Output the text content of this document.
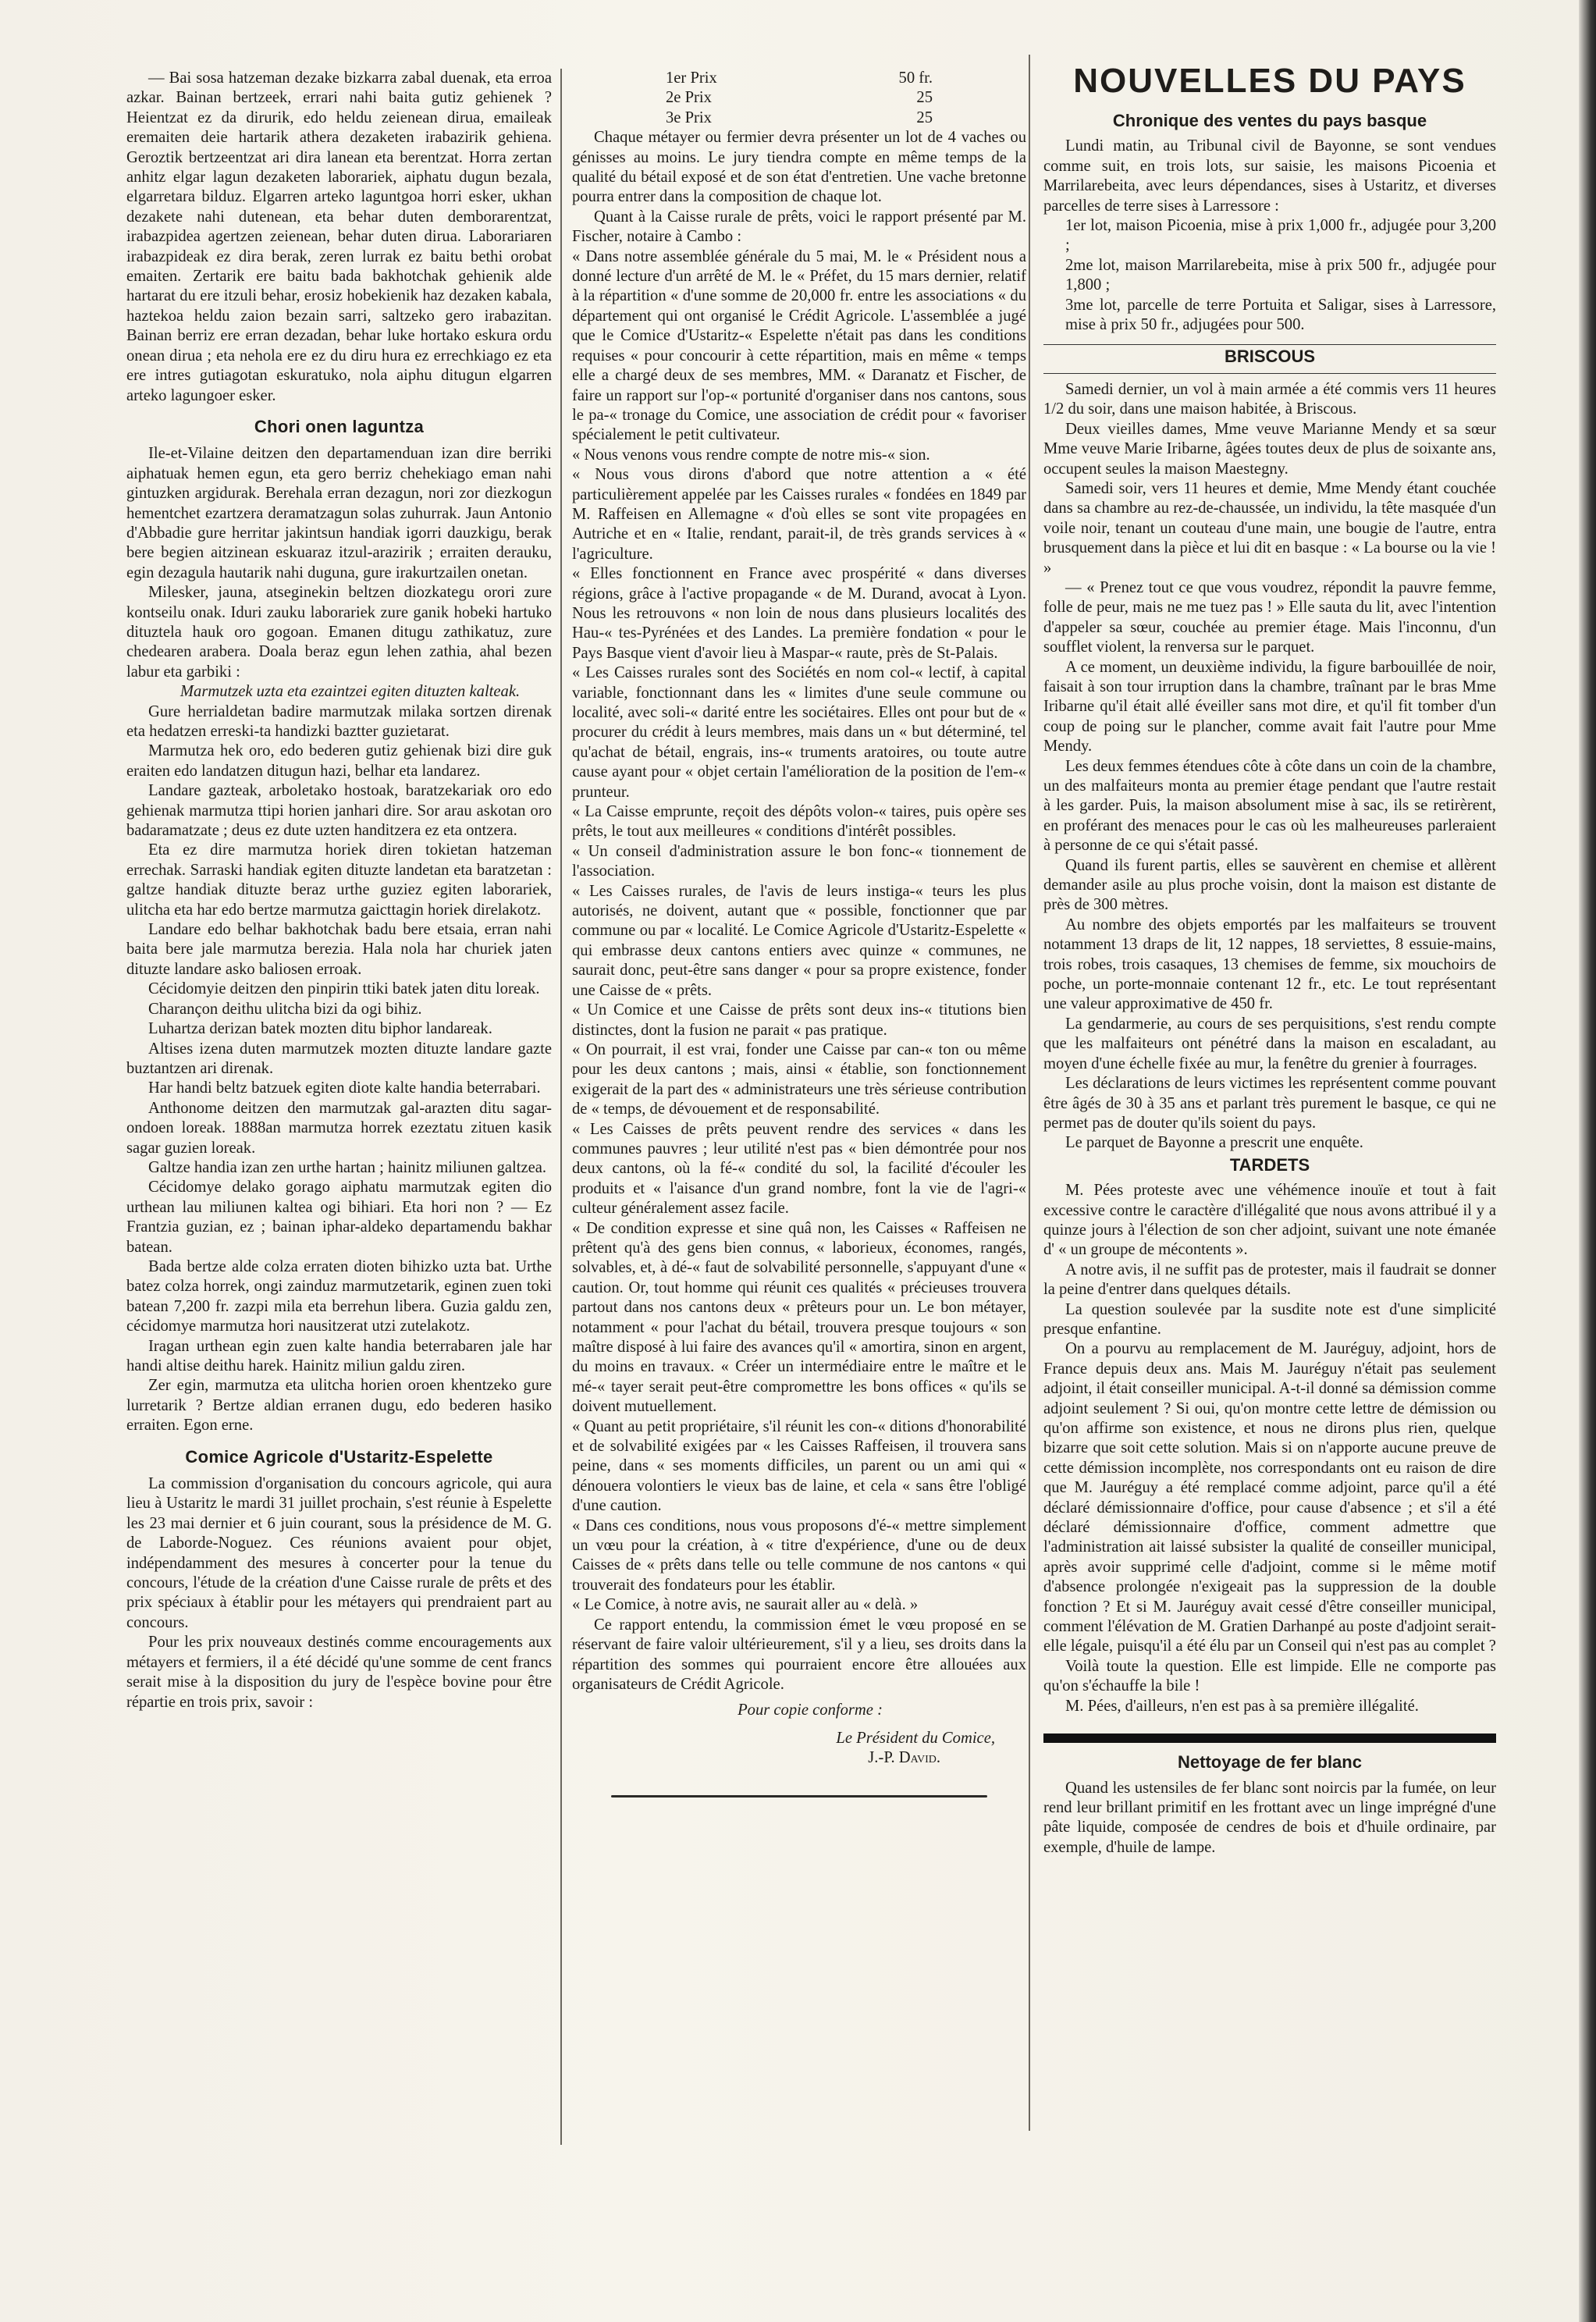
— Bai sosa hatzeman dezake bizkarra zabal duenak, eta erroa azkar. Bainan bertzeek, errari nahi baita gutiz gehienek ? Heientzat ez da dirurik, edo heldu zeienean dirua, emaileak eremaiten deie hartarik athera dezaketen irabazirik gehiena. Geroztik bertzeentzat ari dira lanean eta berentzat. Horra zertan anhitz elgar lagun dezaketen laborariek, aiphatu dugun bezala, elgarretara bilduz. Elgarren arteko laguntgoa horri esker, ukhan dezakete nahi dutenean, eta behar duten demborarentzat, irabazpidea agertzen zeienean, behar duten dirua. Laborariaren irabazpideak ez dira berak, zeren lurrak ez baitu bethi orobat emaiten. Zertarik ere baitu bada bakhotchak gehienik alde hartarat du ere itzuli behar, erosiz hobekienik haz dezaken kabala, haztekoa heldu zaion bezain sarri, saltzeko gero irabazitan. Bainan berriz ere erran dezadan, behar luke hortako eskura ordu onean dirua ; eta nehola ere ez du diru hura ez errechkiago ez eta ere intres gutiagotan eskuratuko, nola aiphu ditugun elgarren arteko lagungoer esker.

Chori onen laguntza

Ile-et-Vilaine deitzen den departamenduan izan dire berriki aiphatuak hemen egun, eta gero berriz chehekiago eman nahi gintuzken argidurak. Berehala erran dezagun, nori zor diezkogun hementchet ezartzera deramatzagun solas zuhurrak. Jaun Antonio d'Abbadie gure herritar jakintsun handiak igorri dauzkigu, berak bere begien aitzinean eskuaraz itzul-arazirik ; erraiten derauku, egin dezagula hautarik nahi duguna, gure irakurtzailen onetan.

Milesker, jauna, atseginekin beltzen diozkategu orori zure kontseilu onak. Iduri zauku laborariek zure ganik hobeki hartuko dituztela hauk oro gogoan. Emanen ditugu zathikatuz, zure chedearen arabera. Doala beraz egun lehen zathia, ahal bezen labur eta garbiki :

Marmutzek uzta eta ezaintzei egiten dituzten kalteak.

Gure herrialdetan badire marmutzak milaka sortzen direnak eta hedatzen erreski-ta handizki baztter guzietarat.

Marmutza hek oro, edo bederen gutiz gehienak bizi dire guk eraiten edo landatzen ditugun hazi, belhar eta landarez.

Landare gazteak, arboletako hostoak, baratzekariak oro edo gehienak marmutza ttipi horien janhari dire. Sor arau askotan oro badaramatzate ; deus ez dute uzten handitzera ez eta ontzera.

Eta ez dire marmutza horiek diren tokietan hatzeman errechak. Sarraski handiak egiten dituzte landetan eta baratzetan : galtze handiak dituzte beraz urthe guziez egiten laborariek, ulitcha eta har edo bertze marmutza gaicttagin horiek direlakotz.

Landare edo belhar bakhotchak badu bere etsaia, erran nahi baita bere jale marmutza berezia. Hala nola har churiek jaten dituzte landare asko baliosen erroak.

Cécidomyie deitzen den pinpirin ttiki batek jaten ditu loreak.

Charançon deithu ulitcha bizi da ogi bihiz.

Luhartza derizan batek mozten ditu biphor landareak.

Altises izena duten marmutzek mozten dituzte landare gazte buztantzen ari direnak.

Har handi beltz batzuek egiten diote kalte handia beterrabari.

Anthonome deitzen den marmutzak gal-arazten ditu sagar-ondoen loreak. 1888an marmutza horrek ezeztatu zituen kasik sagar guzien loreak.

Galtze handia izan zen urthe hartan ; hainitz miliunen galtzea.

Cécidomye delako gorago aiphatu marmutzak egiten dio urthean lau miliunen kaltea ogi bihiari. Eta hori non ? — Ez Frantzia guzian, ez ; bainan iphar-aldeko departamendu bakhar batean.

Bada bertze alde colza erraten dioten bihizko uzta bat. Urthe batez colza horrek, ongi zainduz marmutzetarik, eginen zuen toki batean 7,200 fr. zazpi mila eta berrehun libera. Guzia galdu zen, cécidomye marmutza hori nausitzerat utzi zutelakotz.

Iragan urthean egin zuen kalte handia beterrabaren jale har handi altise deithu harek. Hainitz miliun galdu ziren.

Zer egin, marmutza eta ulitcha horien oroen khentzeko gure lurretarik ? Bertze aldian erranen dugu, edo bederen hasiko erraiten. Egon erne.

Comice Agricole d'Ustaritz-Espelette

La commission d'organisation du concours agricole, qui aura lieu à Ustaritz le mardi 31 juillet prochain, s'est réunie à Espelette les 23 mai dernier et 6 juin courant, sous la présidence de M. G. de Laborde-Noguez. Ces réunions avaient pour objet, indépendamment des mesures à concerter pour la tenue du concours, l'étude de la création d'une Caisse rurale de prêts et des prix spéciaux à établir pour les métayers qui prendraient part au concours.

Pour les prix nouveaux destinés comme encouragements aux métayers et fermiers, il a été décidé qu'une somme de cent francs serait mise à la disposition du jury de l'espèce bovine pour être répartie en trois prix, savoir :

1er Prix	50 fr.
2e Prix	25
3e Prix	25

Chaque métayer ou fermier devra présenter un lot de 4 vaches ou génisses au moins. Le jury tiendra compte en même temps de la qualité du bétail exposé et de son état d'entretien. Une vache bretonne pourra entrer dans la composition de chaque lot.

Quant à la Caisse rurale de prêts, voici le rapport présenté par M. Fischer, notaire à Cambo :

« Dans notre assemblée générale du 5 mai, M. le « Président nous a donné lecture d'un arrêté de M. le « Préfet, du 15 mars dernier, relatif à la répartition « d'une somme de 20,000 fr. entre les associations « du département qui ont organisé le Crédit Agricole. L'assemblée a jugé que le Comice d'Ustaritz-« Espelette n'était pas dans les conditions requises « pour concourir à cette répartition, mais en même « temps elle a chargé deux de ses membres, MM. « Daranatz et Fischer, de faire un rapport sur l'op-« portunité d'organiser dans nos cantons, sous le pa-« tronage du Comice, une association de crédit pour « favoriser spécialement le petit cultivateur.

« Nous venons vous rendre compte de notre mis-« sion.

« Nous vous dirons d'abord que notre attention a « été particulièrement appelée par les Caisses rurales « fondées en 1849 par M. Raffeisen en Allemagne « d'où elles se sont vite propagées en Autriche et en « Italie, rendant, parait-il, de très grands services à « l'agriculture.

« Elles fonctionnent en France avec prospérité « dans diverses régions, grâce à l'active propagande « de M. Durand, avocat à Lyon. Nous les retrouvons « non loin de nous dans plusieurs localités des Hau-« tes-Pyrénées et des Landes. La première fondation « pour le Pays Basque vient d'avoir lieu à Maspar-« raute, près de St-Palais.

« Les Caisses rurales sont des Sociétés en nom col-« lectif, à capital variable, fonctionnant dans les « limites d'une seule commune ou localité, avec soli-« darité entre les sociétaires. Elles ont pour but de « procurer du crédit à leurs membres, mais dans un « but déterminé, tel qu'achat de bétail, engrais, ins-« truments aratoires, ou toute autre cause ayant pour « objet certain l'amélioration de la position de l'em-« prunteur.

« La Caisse emprunte, reçoit des dépôts volon-« taires, puis opère ses prêts, le tout aux meilleures « conditions d'intérêt possibles.

« Un conseil d'administration assure le bon fonc-« tionnement de l'association.

« Les Caisses rurales, de l'avis de leurs instiga-« teurs les plus autorisés, ne doivent, autant que « possible, fonctionner que par commune ou par « localité. Le Comice Agricole d'Ustaritz-Espelette « qui embrasse deux cantons entiers avec quinze « communes, ne saurait donc, peut-être sans danger « pour sa propre existence, fonder une Caisse de « prêts.

« Un Comice et une Caisse de prêts sont deux ins-« titutions bien distinctes, dont la fusion ne parait « pas pratique.

« On pourrait, il est vrai, fonder une Caisse par can-« ton ou même pour les deux cantons ; mais, ainsi « établie, son fonctionnement exigerait de la part des « administrateurs une très sérieuse contribution de « temps, de dévouement et de responsabilité.

« Les Caisses de prêts peuvent rendre des services « dans les communes pauvres ; leur utilité n'est pas « bien démontrée pour nos deux cantons, où la fé-« condité du sol, la facilité d'écouler les produits et « l'aisance d'un grand nombre, font la vie de l'agri-« culteur généralement assez facile.

« De condition expresse et sine quâ non, les Caisses « Raffeisen ne prêtent qu'à des gens bien connus, « laborieux, économes, rangés, solvables, et, à dé-« faut de solvabilité personnelle, s'appuyant d'une « caution. Or, tout homme qui réunit ces qualités « précieuses trouvera partout dans nos cantons deux « prêteurs pour un. Le bon métayer, notamment « pour l'achat du bétail, trouvera presque toujours « son maître disposé à lui faire des avances qu'il « amortira, sinon en argent, du moins en travaux. « Créer un intermédiaire entre le maître et le mé-« tayer serait peut-être compromettre les bons offices « qu'ils se doivent mutuellement.

« Quant au petit propriétaire, s'il réunit les con-« ditions d'honorabilité et de solvabilité exigées par « les Caisses Raffeisen, il trouvera sans peine, dans « ses moments difficiles, un parent ou un ami qui « dénouera volontiers le vieux bas de laine, et cela « sans être l'obligé d'une caution.

« Dans ces conditions, nous vous proposons d'é-« mettre simplement un vœu pour la création, à « titre d'expérience, d'une ou de deux Caisses de « prêts dans telle ou telle commune de nos cantons « qui trouverait des fondateurs pour les établir.

« Le Comice, à notre avis, ne saurait aller au « delà. »

Ce rapport entendu, la commission émet le vœu proposé en se réservant de faire valoir ultérieurement, s'il y a lieu, ses droits dans la répartition des sommes qui pourraient encore être allouées aux organisateurs de Crédit Agricole.

Pour copie conforme :

Le Président du Comice,

J.-P. David.

NOUVELLES DU PAYS
Chronique des ventes du pays basque

Lundi matin, au Tribunal civil de Bayonne, se sont vendues comme suit, en trois lots, sur saisie, les maisons Picoenia et Marrilarebeita, avec leurs dépendances, sises à Ustaritz, et diverses parcelles de terre sises à Larressore :

1er lot, maison Picoenia, mise à prix 1,000 fr., adjugée pour 3,200 ;

2me lot, maison Marrilarebeita, mise à prix 500 fr., adjugée pour 1,800 ;

3me lot, parcelle de terre Portuita et Saligar, sises à Larressore, mise à prix 50 fr., adjugées pour 500.

BRISCOUS

Samedi dernier, un vol à main armée a été commis vers 11 heures 1/2 du soir, dans une maison habitée, à Briscous.

Deux vieilles dames, Mme veuve Marianne Mendy et sa sœur Mme veuve Marie Iribarne, âgées toutes deux de plus de soixante ans, occupent seules la maison Maestegny.

Samedi soir, vers 11 heures et demie, Mme Mendy étant couchée dans sa chambre au rez-de-chaussée, un individu, la tête masquée d'un voile noir, tenant un couteau d'une main, une bougie de l'autre, entra brusquement dans la pièce et lui dit en basque : « La bourse ou la vie ! »

— « Prenez tout ce que vous voudrez, répondit la pauvre femme, folle de peur, mais ne me tuez pas ! » Elle sauta du lit, avec l'intention d'appeler sa sœur, couchée au premier étage. Mais l'inconnu, d'un soufflet violent, la renversa sur le parquet.

A ce moment, un deuxième individu, la figure barbouillée de noir, faisait à son tour irruption dans la chambre, traînant par le bras Mme Iribarne qu'il était allé éveiller sans mot dire, et qu'il fit tomber d'un coup de poing sur le plancher, comme avait fait l'autre pour Mme Mendy.

Les deux femmes étendues côte à côte dans un coin de la chambre, un des malfaiteurs monta au premier étage pendant que l'autre restait à les garder. Puis, la maison absolument mise à sac, ils se retirèrent, en proférant des menaces pour le cas où les malheureuses parleraient à personne de ce qui s'était passé.

Quand ils furent partis, elles se sauvèrent en chemise et allèrent demander asile au plus proche voisin, dont la maison est distante de près de 300 mètres.

Au nombre des objets emportés par les malfaiteurs se trouvent notamment 13 draps de lit, 12 nappes, 18 serviettes, 8 essuie-mains, trois robes, trois casaques, 13 chemises de femme, six mouchoirs de poche, un porte-monnaie contenant 12 fr., etc. Le tout représentant une valeur approximative de 450 fr.

La gendarmerie, au cours de ses perquisitions, s'est rendu compte que les malfaiteurs ont pénétré dans la maison en escaladant, au moyen d'une échelle fixée au mur, la fenêtre du grenier à fourrages.

Les déclarations de leurs victimes les représentent comme pouvant être âgés de 30 à 35 ans et parlant très purement le basque, ce qui ne permet pas de douter qu'ils soient du pays.

Le parquet de Bayonne a prescrit une enquête.

TARDETS

M. Pées proteste avec une véhémence inouïe et tout à fait excessive contre le caractère d'illégalité que nous avons attribué il y a quinze jours à l'élection de son cher adjoint, suivant une note émanée d' « un groupe de mécontents ».

A notre avis, il ne suffit pas de protester, mais il faudrait se donner la peine d'entrer dans quelques détails.

La question soulevée par la susdite note est d'une simplicité presque enfantine.

On a pourvu au remplacement de M. Jauréguy, adjoint, hors de France depuis deux ans. Mais M. Jauréguy n'était pas seulement adjoint, il était conseiller municipal. A-t-il donné sa démission comme adjoint seulement ? Si oui, qu'on montre cette lettre de démission ou qu'on affirme son existence, et nous ne dirons plus rien, quelque bizarre que soit cette solution. Mais si on n'apporte aucune preuve de cette démission incomplète, nos correspondants ont eu raison de dire que M. Jauréguy a été remplacé comme adjoint, parce qu'il a été déclaré démissionnaire d'office, pour cause d'absence ; et s'il a été déclaré démissionnaire d'office, comment admettre que l'administration ait laissé subsister la qualité de conseiller municipal, après avoir supprimé celle d'adjoint, comme si le même motif d'absence prolongée n'exigeait pas la suppression de la double fonction ? Et si M. Jauréguy avait cessé d'être conseiller municipal, comment l'élévation de M. Gratien Darhanpé au poste d'adjoint serait-elle légale, puisqu'il a été élu par un Conseil qui n'est pas au complet ?

Voilà toute la question. Elle est limpide. Elle ne comporte pas qu'on s'échauffe la bile !

M. Pées, d'ailleurs, n'en est pas à sa première illégalité.

Nettoyage de fer blanc

Quand les ustensiles de fer blanc sont noircis par la fumée, on leur rend leur brillant primitif en les frottant avec un linge imprégné d'une pâte liquide, composée de cendres de bois et d'huile ordinaire, par exemple, d'huile de lampe.
